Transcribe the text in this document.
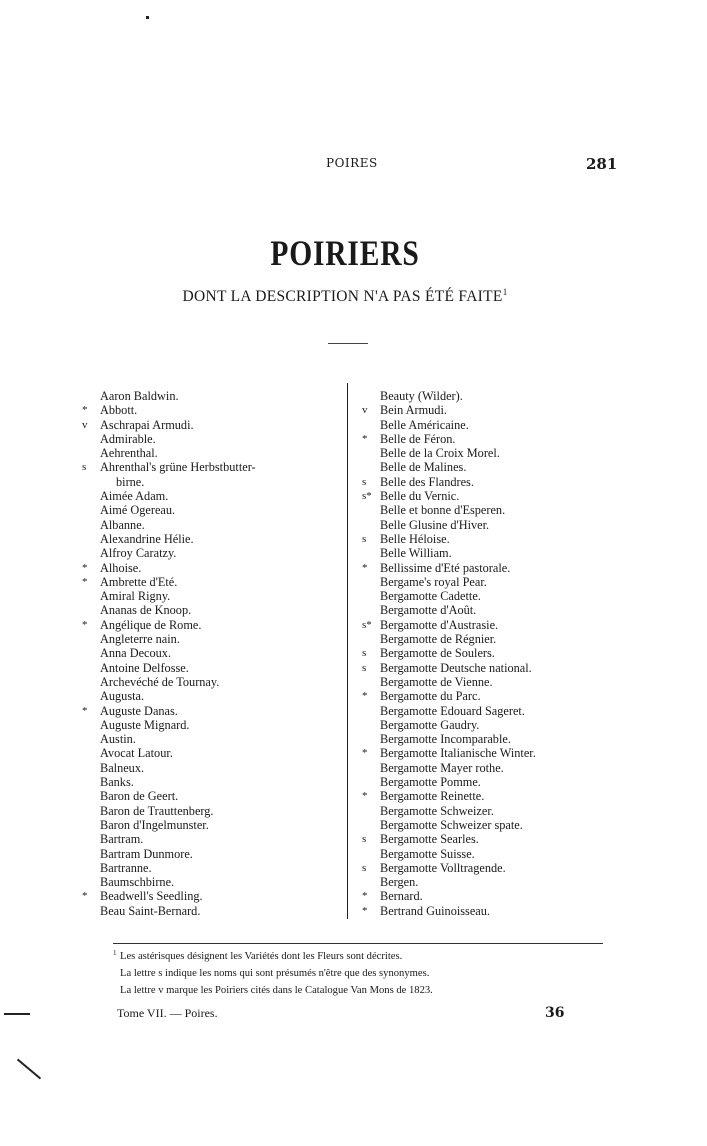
POIRES	281
POIRIERS
DONT LA DESCRIPTION N'A PAS ÉTÉ FAITE$^1$
Aaron Baldwin.
*	Abbott.
v	Aschrapai Armudi.
Admirable.
Aehrenthal.
s	Ahrenthal's grüne Herbstbutter-
birne.
Aimée Adam.
Aimé Ogereau.
Albanne.
Alexandrine Hélie.
Alfroy Caratzy.
*	Alhoise.
*	Ambrette d'Eté.
Amiral Rigny.
Ananas de Knoop.
*	Angélique de Rome.
Angleterre nain.
Anna Decoux.
Antoine Delfosse.
Archevéché de Tournay.
Augusta.
*	Auguste Danas.
Auguste Mignard.
Austin.
Avocat Latour.
Balneux.
Banks.
Baron de Geert.
Baron de Trauttenberg.
Baron d'Ingelmunster.
Bartram.
Bartram Dunmore.
Bartranne.
Baumschbirne.
*	Beadwell's Seedling.
Beau Saint-Bernard.
Beauty (Wilder).
v	Bein Armudi.
Belle Américaine.
*	Belle de Féron.
Belle de la Croix Morel.
Belle de Malines.
s	Belle des Flandres.
s* Belle du Vernic.
Belle et bonne d'Esperen.
Belle Glusine d'Hiver.
s	Belle Héloise.
Belle William.
*	Bellissime d'Eté pastorale.
Bergame's royal Pear.
Bergamotte Cadette.
Bergamotte d'Août.
s* Bergamotte d'Austrasie.
Bergamotte de Régnier.
s	Bergamotte de Soulers.
s	Bergamotte Deutsche national.
Bergamotte de Vienne.
*	Bergamotte du Parc.
Bergamotte Edouard Sageret.
Bergamotte Gaudry.
Bergamotte Incomparable.
*	Bergamotte Italianische Winter.
Bergamotte Mayer rothe.
Bergamotte Pomme.
*	Bergamotte Reinette.
Bergamotte Schweizer.
Bergamotte Schweizer spate.
s	Bergamotte Searles.
Bergamotte Suisse.
s	Bergamotte Volltragende.
Bergen.
*	Bernard.
*	Bertrand Guinoisseau.
1 Les astérisques désignent les Variétés dont les Fleurs sont décrites.
La lettre s indique les noms qui sont présumés n'être que des synonymes.
La lettre v marque les Poiriers cités dans le Catalogue Van Mons de 1823.
Tome VII. — Poires.	36
